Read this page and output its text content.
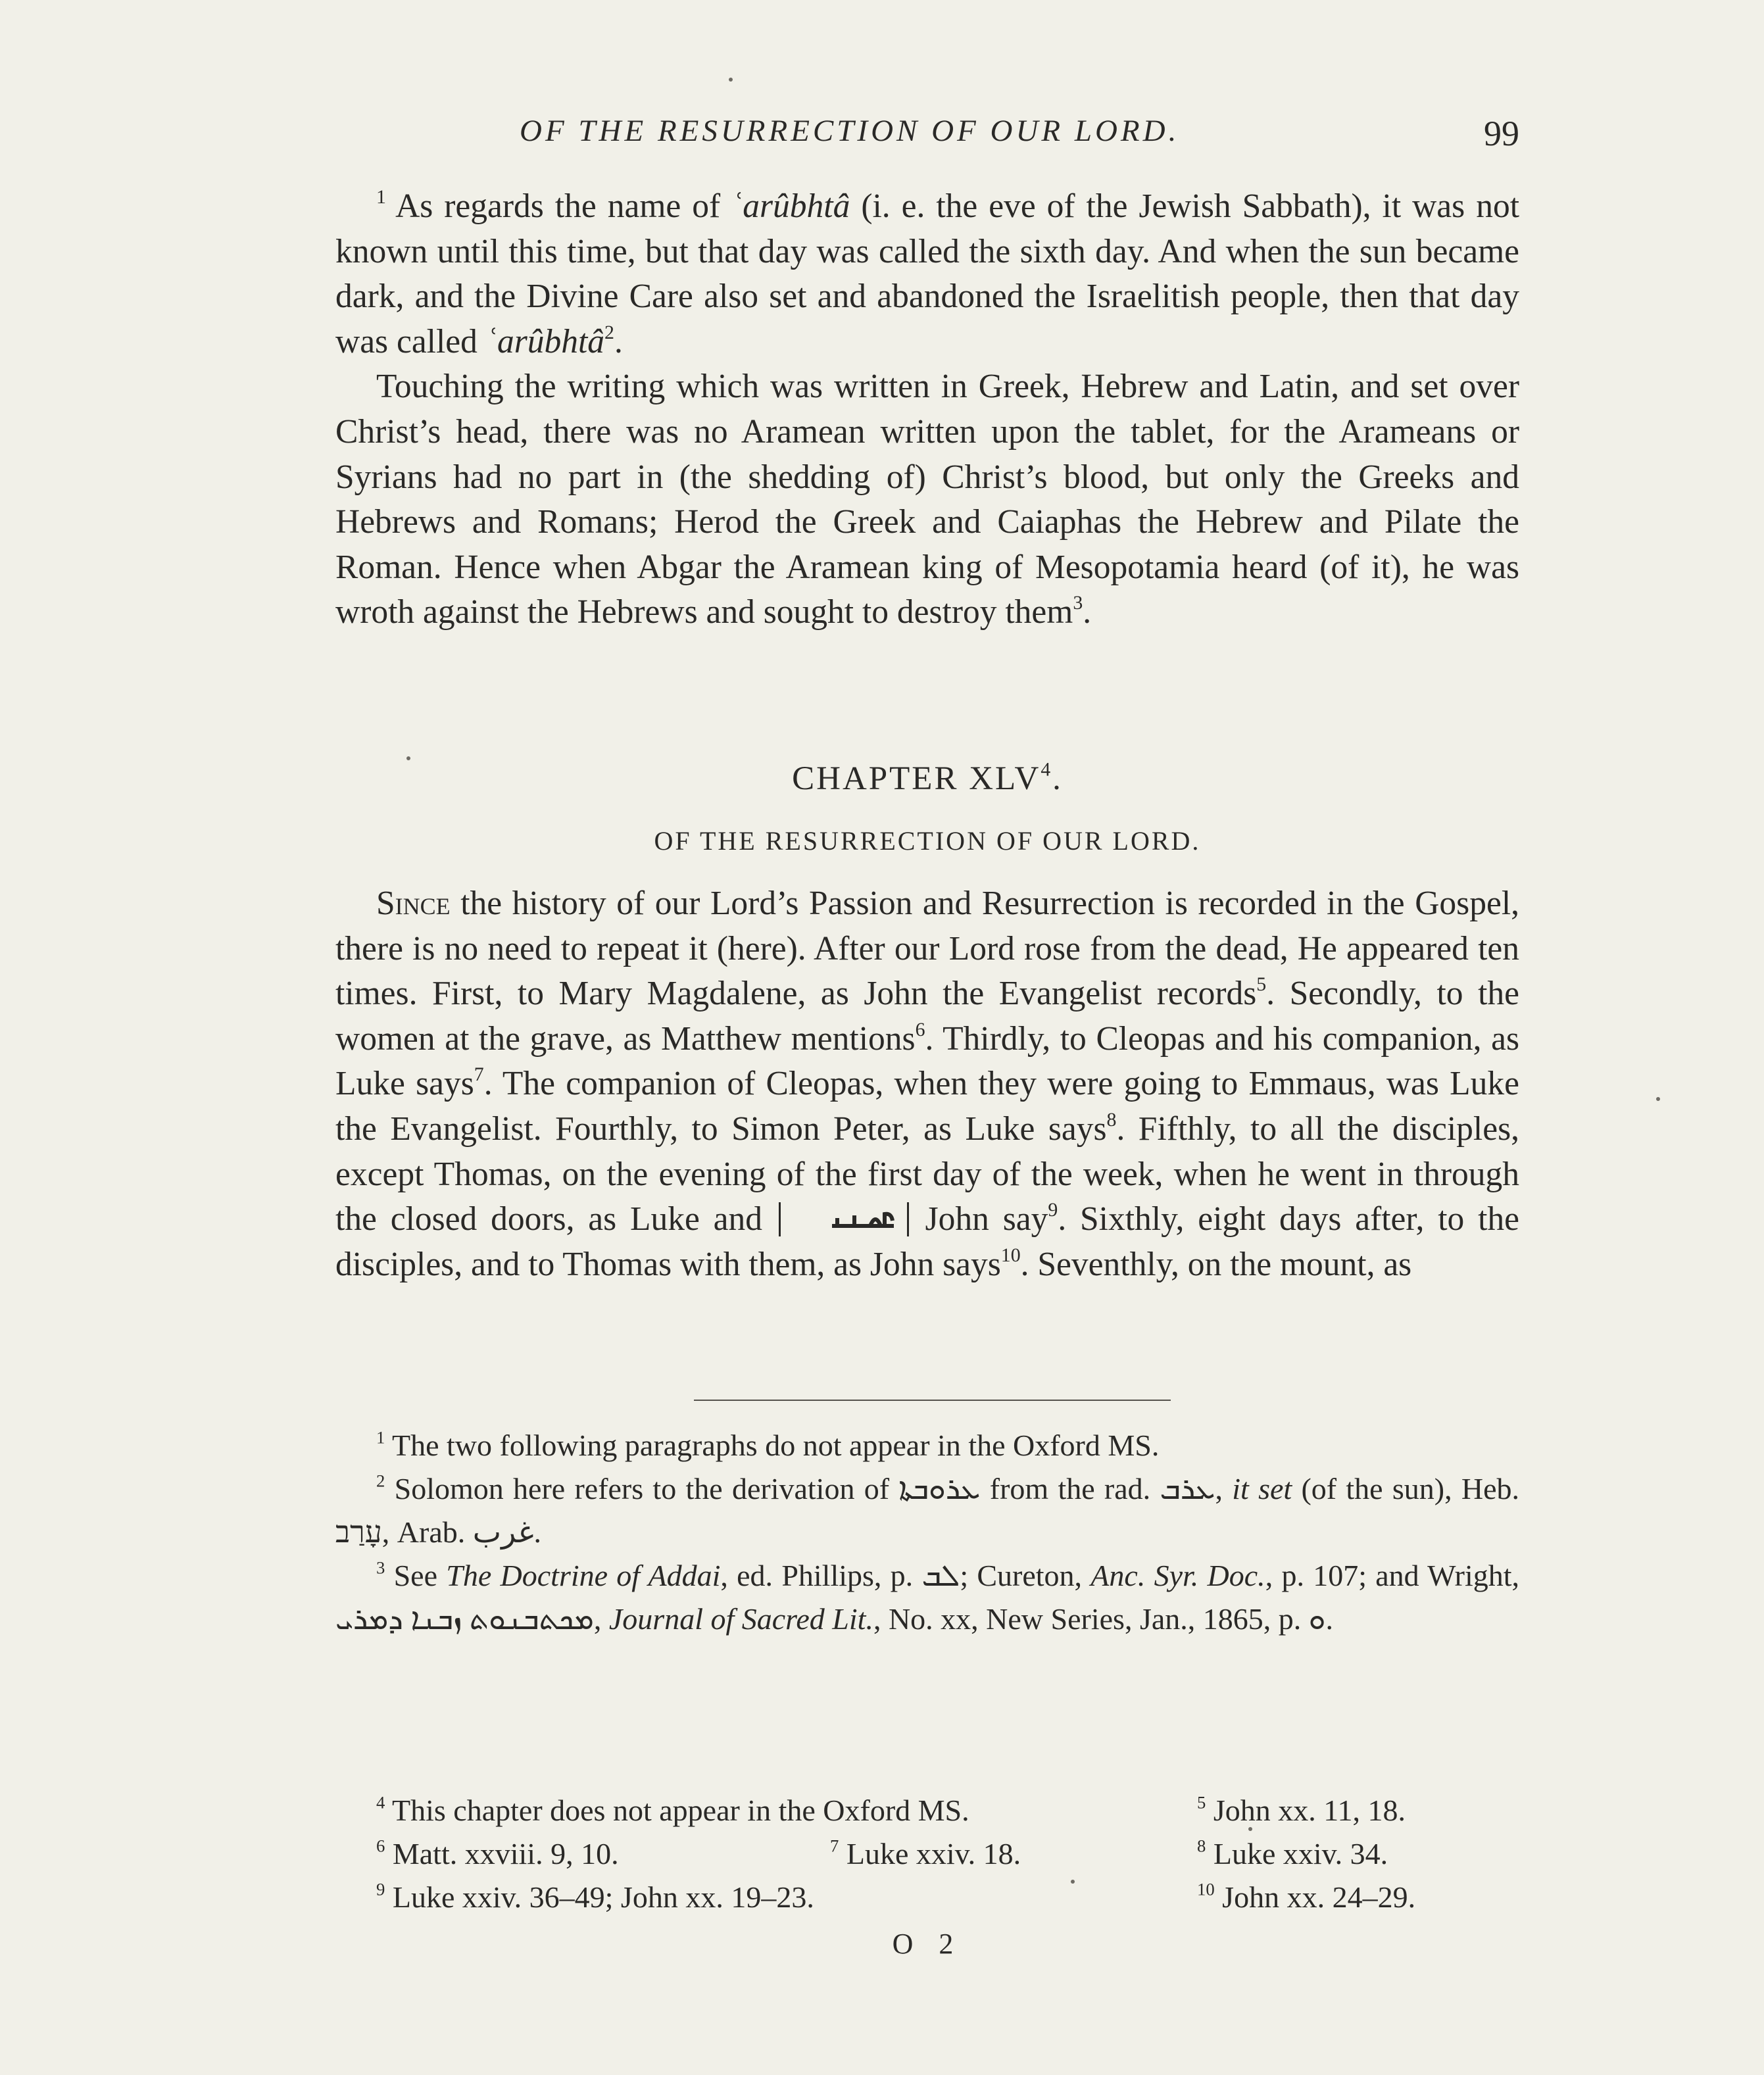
OF THE RESURRECTION OF OUR LORD.	99

$^1$ As regards the name of ʿarûbhtâ (i. e. the eve of the Jewish Sabbath), it was not known until this time, but that day was called the sixth day. And when the sun became dark, and the Divine Care also set and abandoned the Israelitish people, then that day was called ʿarûbhtâ$^2$.

Touching the writing which was written in Greek, Hebrew and Latin, and set over Christ’s head, there was no Aramean written upon the tablet, for the Arameans or Syrians had no part in (the shedding of) Christ’s blood, but only the Greeks and Hebrews and Romans; Herod the Greek and Caiaphas the Hebrew and Pilate the Roman. Hence when Abgar the Aramean king of Mesopotamia heard (of it), he was wroth against the Hebrews and sought to destroy them$^3$.

CHAPTER XLV$^4$.
OF THE RESURRECTION OF OUR LORD.

Since the history of our Lord’s Passion and Resurrection is recorded in the Gospel, there is no need to repeat it (here). After our Lord rose from the dead, He appeared ten times. First, to Mary Magdalene, as John the Evangelist records$^5$. Secondly, to the women at the grave, as Matthew mentions$^6$. Thirdly, to Cleopas and his companion, as Luke says$^7$. The companion of Cleopas, when they were going to Emmaus, was Luke the Evangelist. Fourthly, to Simon Peter, as Luke says$^8$. Fifthly, to all the disciples, except Thomas, on the evening of the first day of the week, when he went in through the closed doors, as Luke and	John say$^9$. Sixthly, eight days after, to the disciples, and to Thomas with them, as John says$^{10}$. Seventhly, on the mount, as

$^1$ The two following paragraphs do not appear in the Oxford MS.

$^2$ Solomon here refers to the derivation of ܥܪܘܒܬܐ from the rad. ܥܪܒ, it set (of the sun), Heb. עָרַב, Arab. غرب.

$^3$ See The Doctrine of Addai, ed. Phillips, p. ܠܒ; Cureton, Anc. Syr. Doc., p. 107; and Wright, ܡܟܬܒܢܘܬ ܙܒܢܐ ܕܡܪܝ, Journal of Sacred Lit., No. xx, New Series, Jan., 1865, p. ܘ.

$^4$ This chapter does not appear in the Oxford MS.	$^5$ John xx. 11, 18.
$^6$ Matt. xxviii. 9, 10.	$^7$ Luke xxiv. 18.	$^8$ Luke xxiv. 34.
$^9$ Luke xxiv. 36–49; John xx. 19–23.	$^{10}$ John xx. 24–29.
O 2
